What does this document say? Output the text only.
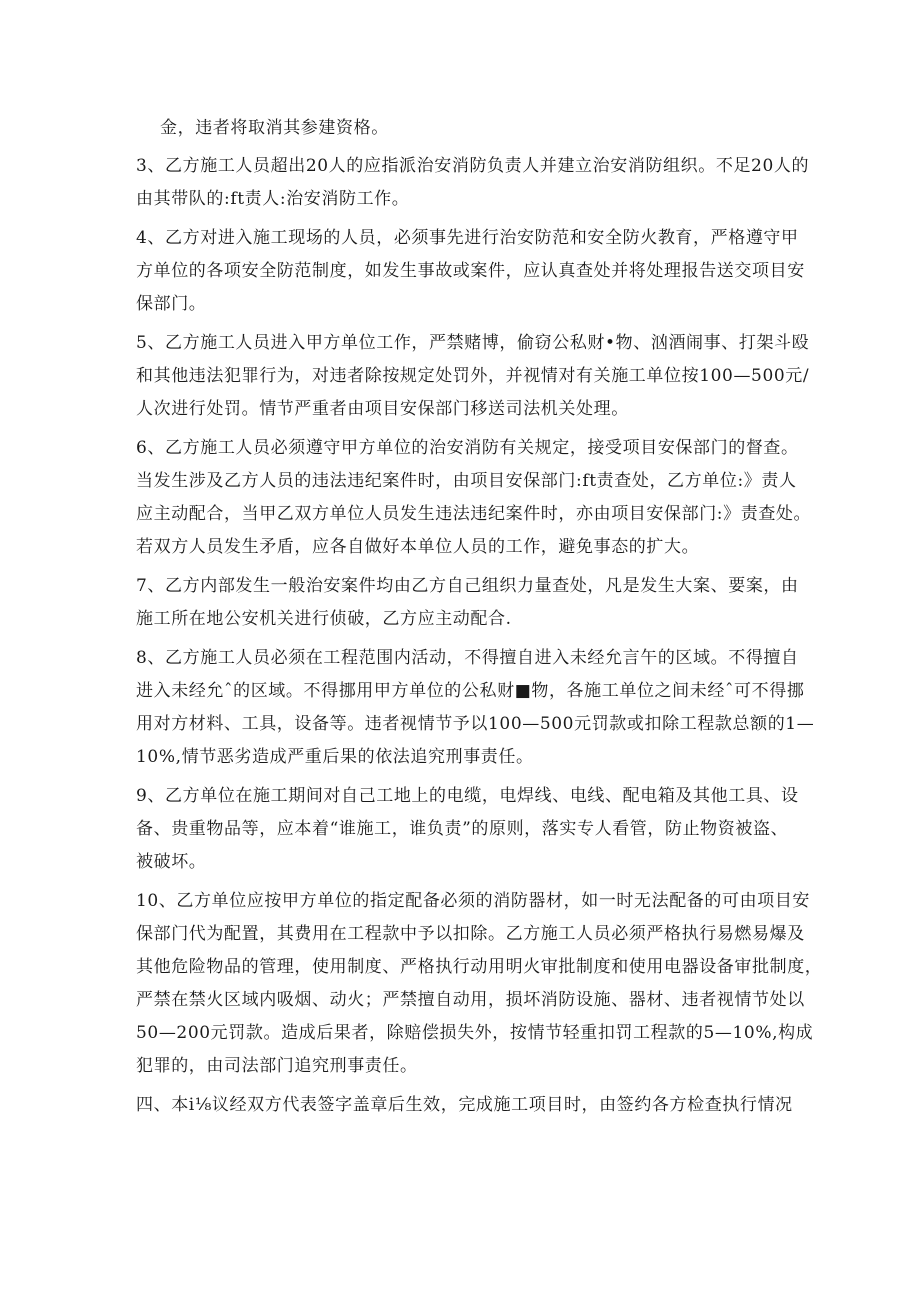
金，违者将取消其参建资格。
3、乙方施工人员超出20人的应指派治安消防负责人并建立治安消防组织。不足20人的
由其带队的:ft责人:治安消防工作。
4、乙方对进入施工现场的人员，必须事先进行治安防范和安全防火教育，严格遵守甲
方单位的各项安全防范制度，如发生事故或案件，应认真查处并将处理报告送交项目安
保部门。
5、乙方施工人员进入甲方单位工作，严禁赌博，偷窃公私财•物、汹酒闹事、打架斗殴
和其他违法犯罪行为，对违者除按规定处罚外，并视情对有关施工单位按100—500元/
人次进行处罚。情节严重者由项目安保部门移送司法机关处理。
6、乙方施工人员必须遵守甲方单位的治安消防有关规定，接受项目安保部门的督查。
当发生涉及乙方人员的违法违纪案件时，由项目安保部门:ft责查处，乙方单位:》责人
应主动配合，当甲乙双方单位人员发生违法违纪案件时，亦由项目安保部门:》责查处。
若双方人员发生矛盾，应各自做好本单位人员的工作，避免事态的扩大。
7、乙方内部发生一般治安案件均由乙方自己组织力量查处，凡是发生大案、要案，由
施工所在地公安机关进行侦破，乙方应主动配合.
8、乙方施工人员必须在工程范围内活动，不得擅自进入未经允言午的区域。不得擅自
进入未经允ˆ的区域。不得挪用甲方单位的公私财■物，各施工单位之间未经ˆ可不得挪
用对方材料、工具，设备等。违者视情节予以100—500元罚款或扣除工程款总额的1—
10%,情节恶劣造成严重后果的依法追究刑事责任。
9、乙方单位在施工期间对自己工地上的电缆，电焊线、电线、配电箱及其他工具、设
备、贵重物品等，应本着“谁施工，谁负责”的原则，落实专人看管，防止物资被盗、
被破坏。
10、乙方单位应按甲方单位的指定配备必须的消防器材，如一时无法配备的可由项目安
保部门代为配置，其费用在工程款中予以扣除。乙方施工人员必须严格执行易燃易爆及
其他危险物品的管理，使用制度、严格执行动用明火审批制度和使用电器设备审批制度，
严禁在禁火区域内吸烟、动火；严禁擅自动用，损坏消防设施、器材、违者视情节处以
50—200元罚款。造成后果者，除赔偿损失外，按情节轻重扣罚工程款的5—10%,构成
犯罪的，由司法部门追究刑事责任。
四、本i⅛议经双方代表签字盖章后生效，完成施工项目时，由签约各方检查执行情况
